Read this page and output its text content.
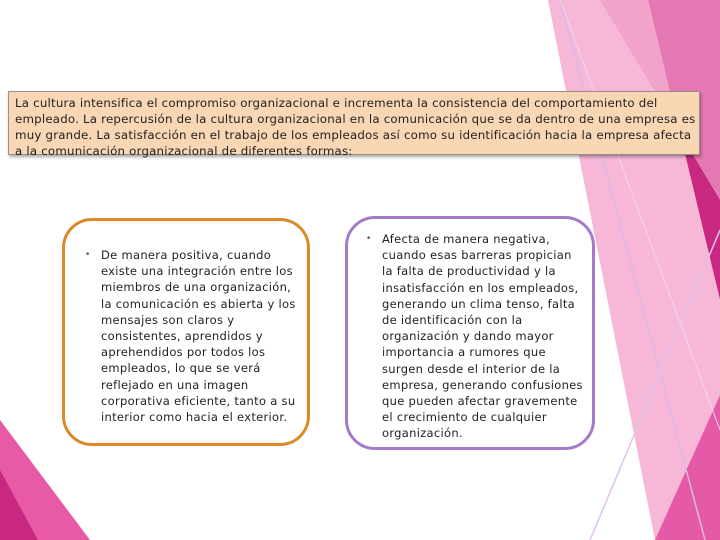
La cultura intensifica el compromiso organizacional e incrementa la consistencia del comportamiento del empleado. La repercusión de la cultura organizacional en la comunicación que se da dentro de una empresa es muy grande. La satisfacción en el trabajo de los empleados así como su identificación hacia la empresa afecta a la comunicación organizacional de diferentes formas:
• De manera positiva, cuando existe una integración entre los miembros de una organización, la comunicación es abierta y los mensajes son claros y consistentes, aprendidos y aprehendidos por todos los empleados, lo que se verá reflejado en una imagen corporativa eficiente, tanto a su interior como hacia el exterior.
• Afecta de manera negativa, cuando esas barreras propician la falta de productividad y la insatisfacción en los empleados, generando un clima tenso, falta de identificación con la organización y dando mayor importancia a rumores que surgen desde el interior de la empresa, generando confusiones que pueden afectar gravemente el crecimiento de cualquier organización.
